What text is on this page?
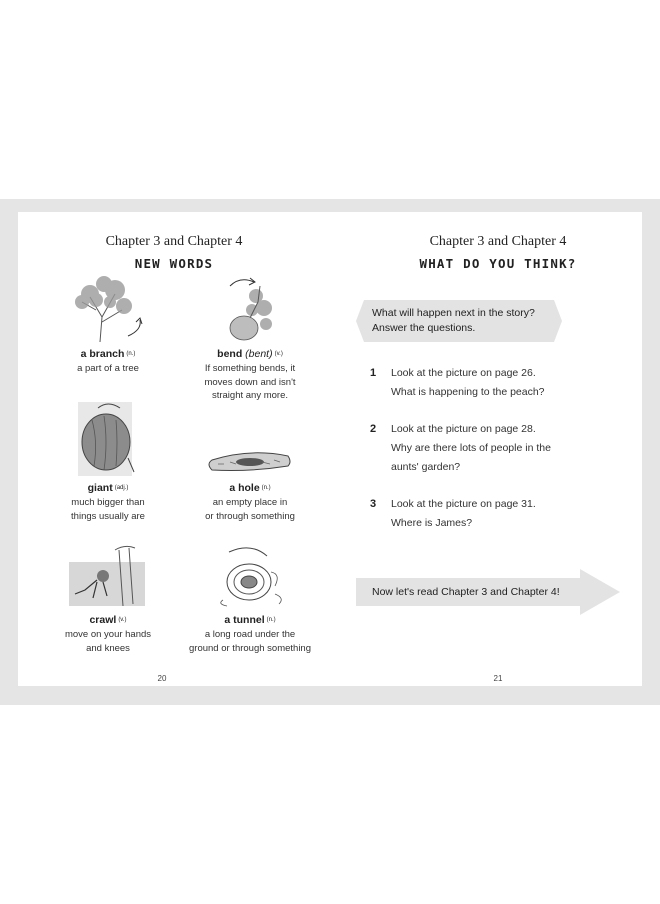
Chapter 3 and Chapter 4
NEW WORDS
a branch (n.)
a part of a tree
bend (bent) (v.)
If something bends, it
moves down and isn't
straight any more.
giant (adj.)
much bigger than
things usually are
a hole (n.)
an empty place in
or through something
crawl (v.)
move on your hands
and knees
a tunnel (n.)
a long road under the
ground or through something
20
Chapter 3 and Chapter 4
WHAT DO YOU THINK?
What will happen next in the story?
Answer the questions.
1 Look at the picture on page 26.
What is happening to the peach?
2 Look at the picture on page 28.
Why are there lots of people in the
aunts' garden?
3 Look at the picture on page 31.
Where is James?
Now let's read Chapter 3 and Chapter 4!
21
